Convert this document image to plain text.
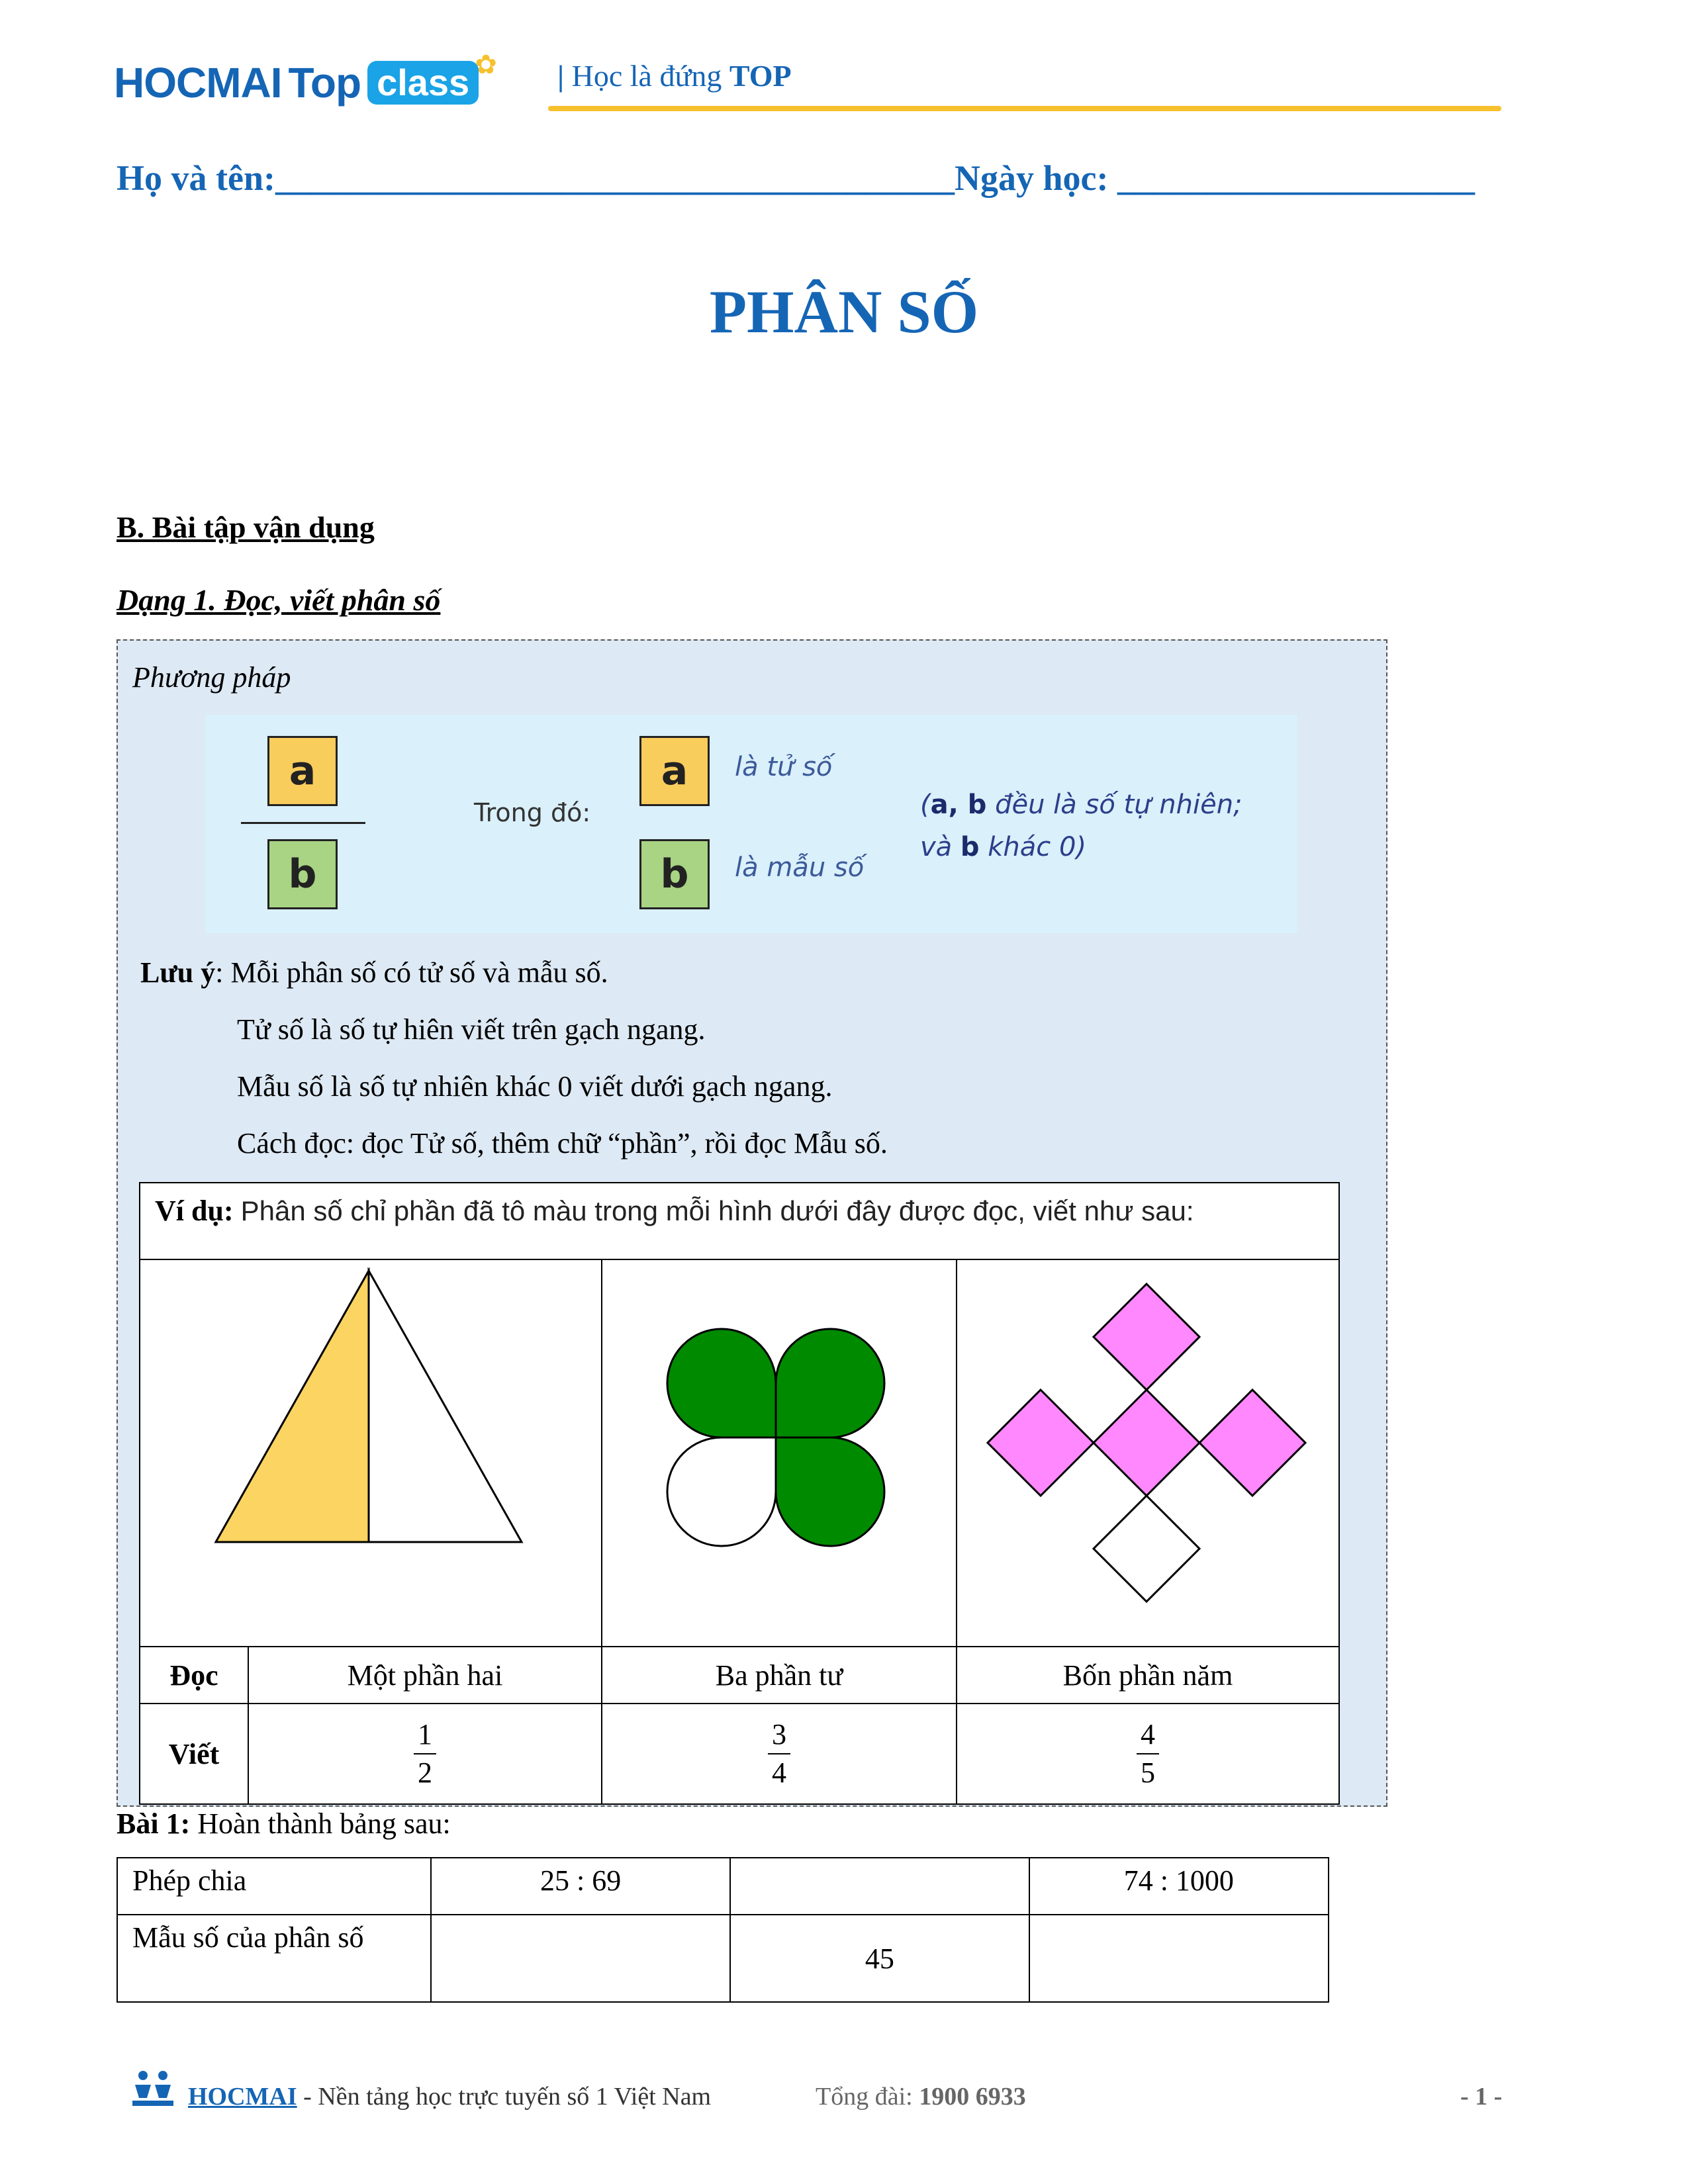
HOCMAI Top class ✿ | Học là đứng TOP
Họ và tên:______________________________________Ngày học: ____________________
PHÂN SỐ
B. Bài tập vận dụng
Dạng 1. Đọc, viết phân số
Phương pháp
a
b
Trong đó:
a	là tử số
b	là mẫu số
(a, b đều là số tự nhiên;
và b khác 0)
Lưu ý: Mỗi phân số có tử số và mẫu số.
Tử số là số tự hiên viết trên gạch ngang.
Mẫu số là số tự nhiên khác 0 viết dưới gạch ngang.
Cách đọc: đọc Tử số, thêm chữ “phần”, rồi đọc Mẫu số.
Ví dụ: Phân số chỉ phần đã tô màu trong mỗi hình dưới đây được đọc, viết như sau:			

Đọc	Một phần hai	Ba phần tư	Bốn phần năm
Viết	$\frac{1}{2}$	$\frac{3}{4}$	$\frac{4}{5}$
Bài 1: Hoàn thành bảng sau:
Phép chia	25 : 69		74 : 1000
Mẫu số của phân số		45	
HOCMAI - Nền tảng học trực tuyến số 1 Việt Nam	Tổng đài: 1900 6933	- 1 -
